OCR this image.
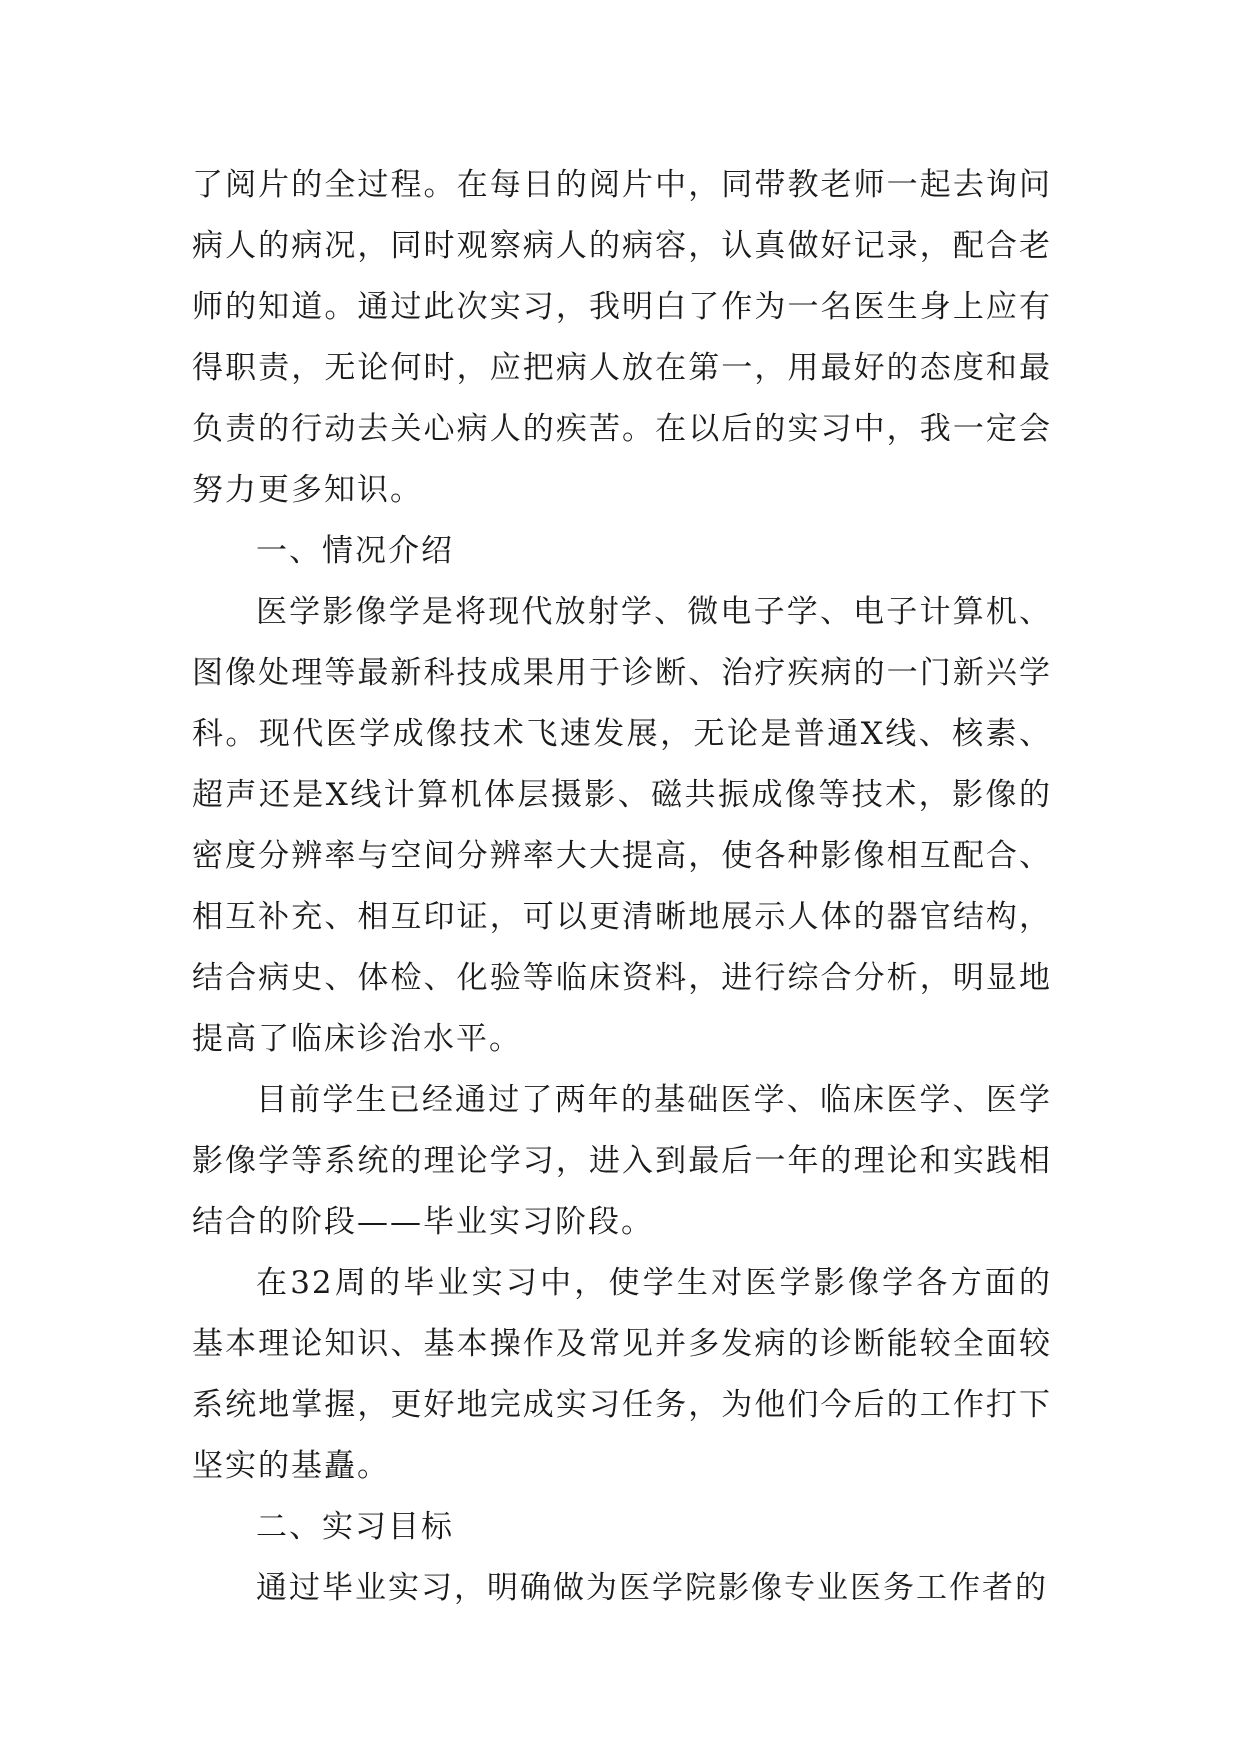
了阅片的全过程。在每日的阅片中，同带教老师一起去询问病人的病况，同时观察病人的病容，认真做好记录，配合老师的知道。通过此次实习，我明白了作为一名医生身上应有得职责，无论何时，应把病人放在第一，用最好的态度和最负责的行动去关心病人的疾苦。在以后的实习中，我一定会努力更多知识。

一、情况介绍

医学影像学是将现代放射学、微电子学、电子计算机、图像处理等最新科技成果用于诊断、治疗疾病的一门新兴学科。现代医学成像技术飞速发展，无论是普通X线、核素、超声还是X线计算机体层摄影、磁共振成像等技术，影像的密度分辨率与空间分辨率大大提高，使各种影像相互配合、相互补充、相互印证，可以更清晰地展示人体的器官结构，结合病史、体检、化验等临床资料，进行综合分析，明显地提高了临床诊治水平。

目前学生已经通过了两年的基础医学、临床医学、医学影像学等系统的理论学习，进入到最后一年的理论和实践相结合的阶段——毕业实习阶段。

在32周的毕业实习中，使学生对医学影像学各方面的基本理论知识、基本操作及常见并多发病的诊断能较全面较系统地掌握，更好地完成实习任务，为他们今后的工作打下坚实的基矗。

二、实习目标

通过毕业实习，明确做为医学院影像专业医务工作者的
